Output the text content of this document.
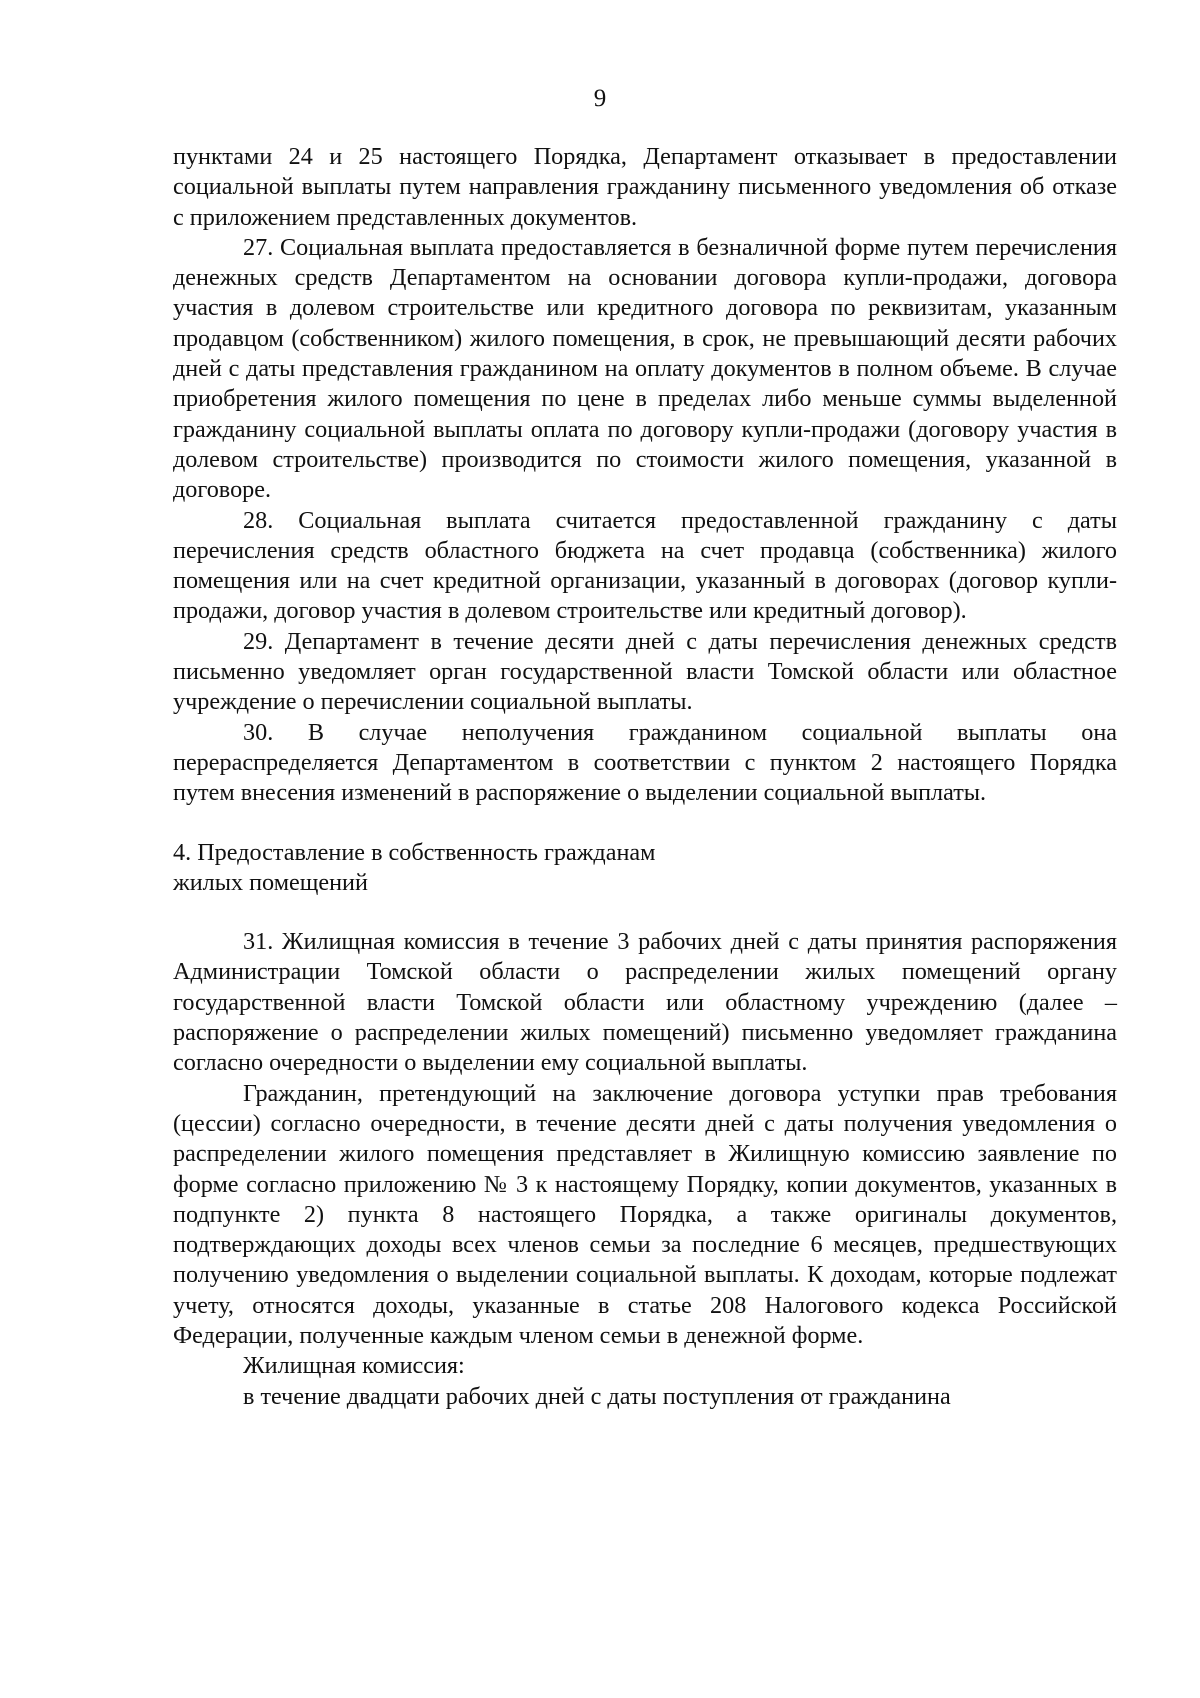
9

пунктами 24 и 25 настоящего Порядка, Департамент отказывает в предоставлении социальной выплаты путем направления гражданину письменного уведомления об отказе с приложением представленных документов.

27. Социальная выплата предоставляется в безналичной форме путем перечисления денежных средств Департаментом на основании договора купли-продажи, договора участия в долевом строительстве или кредитного договора по реквизитам, указанным продавцом (собственником) жилого помещения, в срок, не превышающий десяти рабочих дней с даты представления гражданином на оплату документов в полном объеме. В случае приобретения жилого помещения по цене в пределах либо меньше суммы выделенной гражданину социальной выплаты оплата по договору купли-продажи (договору участия в долевом строительстве) производится по стоимости жилого помещения, указанной в договоре.

28. Социальная выплата считается предоставленной гражданину с даты перечисления средств областного бюджета на счет продавца (собственника) жилого помещения или на счет кредитной организации, указанный в договорах (договор купли-продажи, договор участия в долевом строительстве или кредитный договор).

29. Департамент в течение десяти дней с даты перечисления денежных средств письменно уведомляет орган государственной власти Томской области или областное учреждение о перечислении социальной выплаты.

30. В случае неполучения гражданином социальной выплаты она перераспределяется Департаментом в соответствии с пунктом 2 настоящего Порядка путем внесения изменений в распоряжение о выделении социальной выплаты.

4. Предоставление в собственность гражданам
жилых помещений

31. Жилищная комиссия в течение 3 рабочих дней с даты принятия распоряжения Администрации Томской области о распределении жилых помещений органу государственной власти Томской области или областному учреждению (далее – распоряжение о распределении жилых помещений) письменно уведомляет гражданина согласно очередности о выделении ему социальной выплаты.

Гражданин, претендующий на заключение договора уступки прав требования (цессии) согласно очередности, в течение десяти дней с даты получения уведомления о распределении жилого помещения представляет в Жилищную комиссию заявление по форме согласно приложению № 3 к настоящему Порядку, копии документов, указанных в подпункте 2) пункта 8 настоящего Порядка, а также оригиналы документов, подтверждающих доходы всех членов семьи за последние 6 месяцев, предшествующих получению уведомления о выделении социальной выплаты. К доходам, которые подлежат учету, относятся доходы, указанные в статье 208 Налогового кодекса Российской Федерации, полученные каждым членом семьи в денежной форме.

Жилищная комиссия:

в течение двадцати рабочих дней с даты поступления от гражданина
